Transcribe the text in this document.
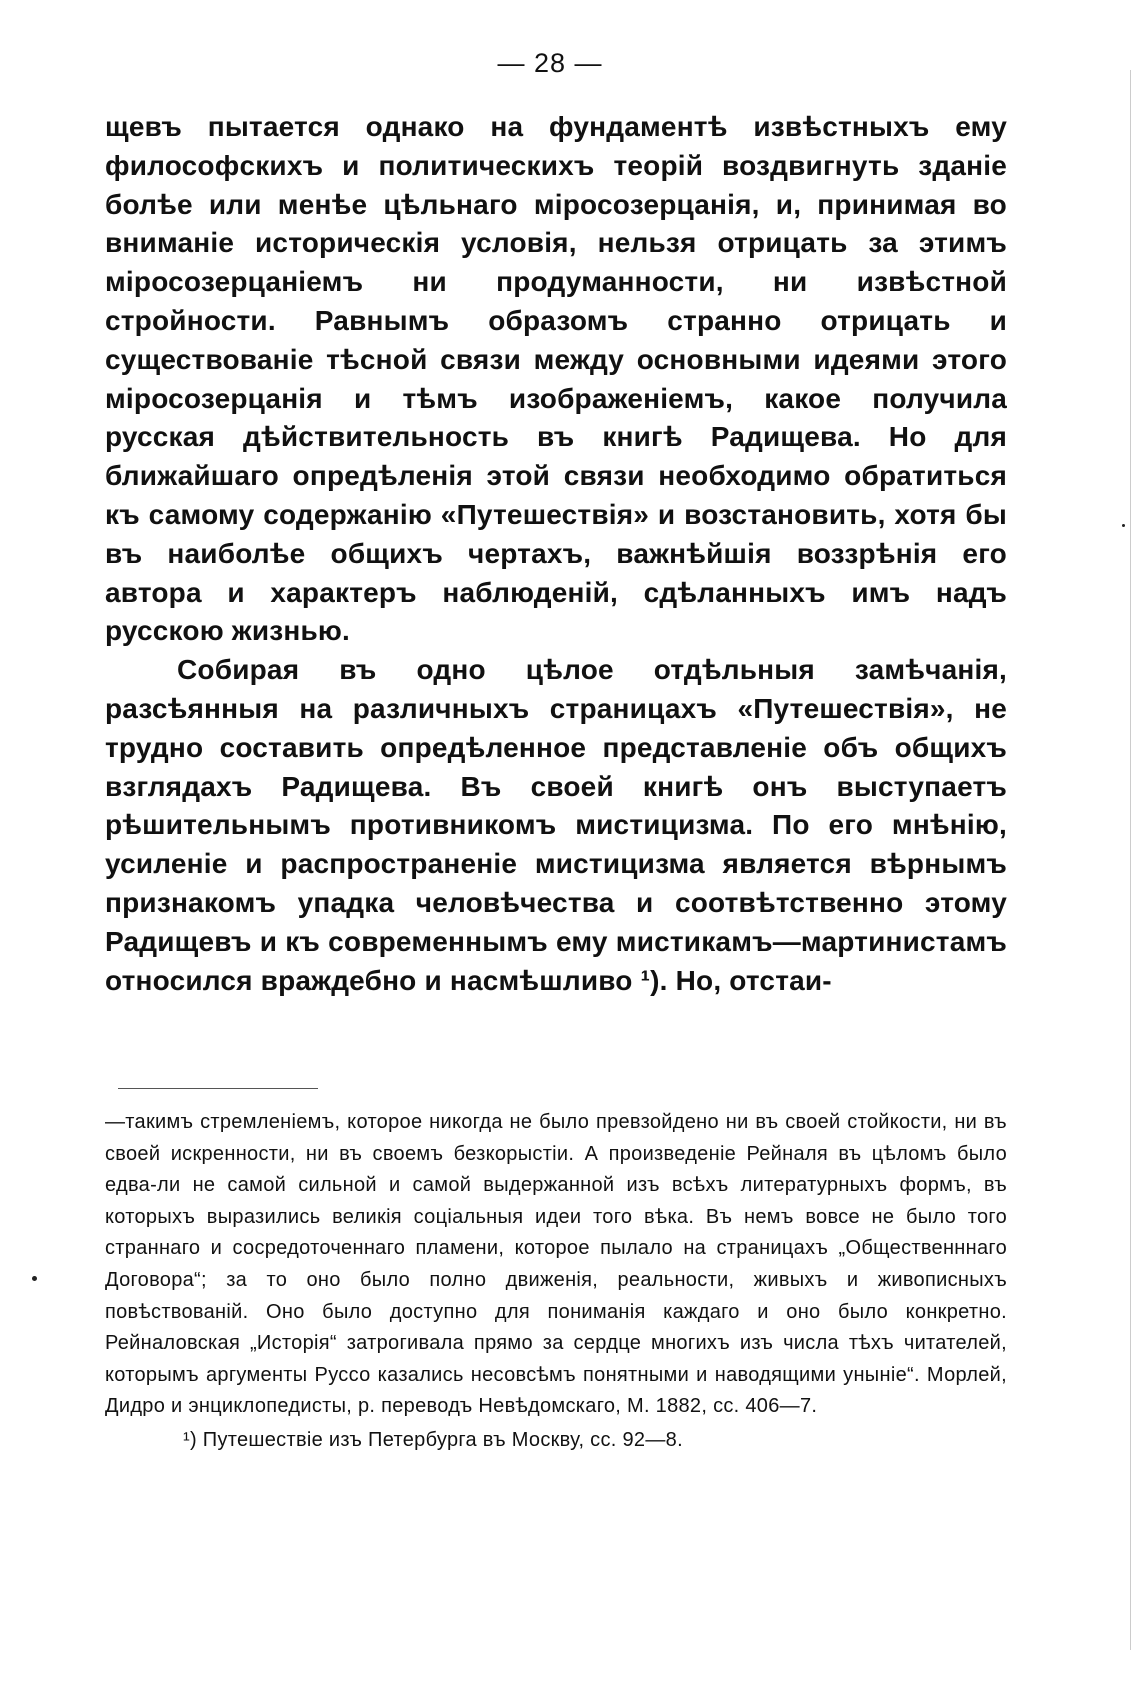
— 28 —

щевъ пытается однако на фундаментѣ извѣстныхъ ему философскихъ и политическихъ теорій воздвигнуть зданіе болѣе или менѣе цѣльнаго міросозерцанія, и, принимая во вниманіе историческія условія, нельзя отрицать за этимъ міросозерцаніемъ ни продуманности, ни извѣстной стройности. Равнымъ образомъ странно отрицать и существованіе тѣсной связи между основными идеями этого міросозерцанія и тѣмъ изображеніемъ, какое получила русская дѣйствительность въ книгѣ Радищева. Но для ближайшаго опредѣленія этой связи необходимо обратиться къ самому содержанію «Путешествія» и возстановить, хотя бы въ наиболѣе общихъ чертахъ, важнѣйшія воззрѣнія его автора и характеръ наблюденій, сдѣланныхъ имъ надъ русскою жизнью.

Собирая въ одно цѣлое отдѣльныя замѣчанія, разсѣянныя на различныхъ страницахъ «Путешествія», не трудно составить опредѣленное представленіе объ общихъ взглядахъ Радищева. Въ своей книгѣ онъ выступаетъ рѣшительнымъ противникомъ мистицизма. По его мнѣнію, усиленіе и распространеніе мистицизма является вѣрнымъ признакомъ упадка человѣчества и соотвѣтственно этому Радищевъ и къ современнымъ ему мистикамъ—мартинистамъ относился враждебно и насмѣшливо ¹). Но, отстаи-

—такимъ стремленіемъ, которое никогда не было превзойдено ни въ своей стойкости, ни въ своей искренности, ни въ своемъ безкорыстіи. А произведеніе Рейналя въ цѣломъ было едва-ли не самой сильной и самой выдержанной изъ всѣхъ литературныхъ формъ, въ которыхъ выразились великія соціальныя идеи того вѣка. Въ немъ вовсе не было того страннаго и сосредоточеннаго пламени, которое пылало на страницахъ „Общественннаго Договора“; за то оно было полно движенія, реальности, живыхъ и живописныхъ повѣствованій. Оно было доступно для пониманія каждаго и оно было конкретно. Рейналовская „Исторія“ затрогивала прямо за сердце многихъ изъ числа тѣхъ читателей, которымъ аргументы Руссо казались несовсѣмъ понятными и наводящими уныніе“. Морлей, Дидро и энциклопедисты, р. переводъ Невѣдомскаго, М. 1882, сс. 406—7.

¹) Путешествіе изъ Петербурга въ Москву, сс. 92—8.
